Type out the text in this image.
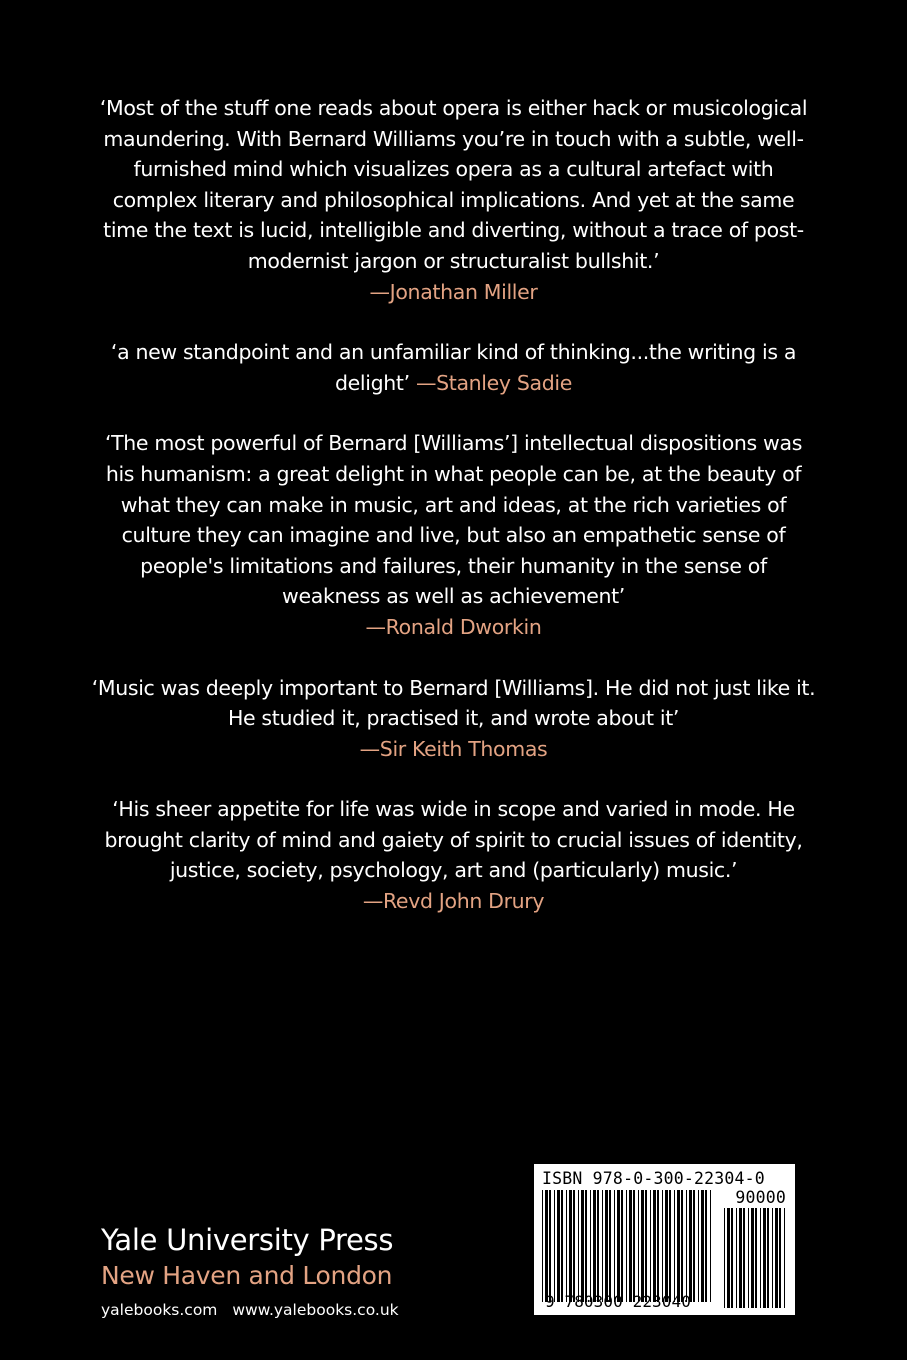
‘Most of the stuff one reads about opera is either hack or musicological maundering. With Bernard Williams you’re in touch with a subtle, well-furnished mind which visualizes opera as a cultural artefact with complex literary and philosophical implications. And yet at the same time the text is lucid, intelligible and diverting, without a trace of post-modernist jargon or structuralist bullshit.’
—Jonathan Miller
‘a new standpoint and an unfamiliar kind of thinking...the writing is a delight’ —Stanley Sadie
‘The most powerful of Bernard [Williams’] intellectual dispositions was his humanism: a great delight in what people can be, at the beauty of what they can make in music, art and ideas, at the rich varieties of culture they can imagine and live, but also an empathetic sense of people's limitations and failures, their humanity in the sense of weakness as well as achievement’
—Ronald Dworkin
‘Music was deeply important to Bernard [Williams]. He did not just like it. He studied it, practised it, and wrote about it’
—Sir Keith Thomas
‘His sheer appetite for life was wide in scope and varied in mode. He brought clarity of mind and gaiety of spirit to crucial issues of identity, justice, society, psychology, art and (particularly) music.’
—Revd John Drury
Yale University Press
New Haven and London
yalebooks.com www.yalebooks.co.uk
ISBN 978-0-300-22304-0
90000
9 780300 223040
